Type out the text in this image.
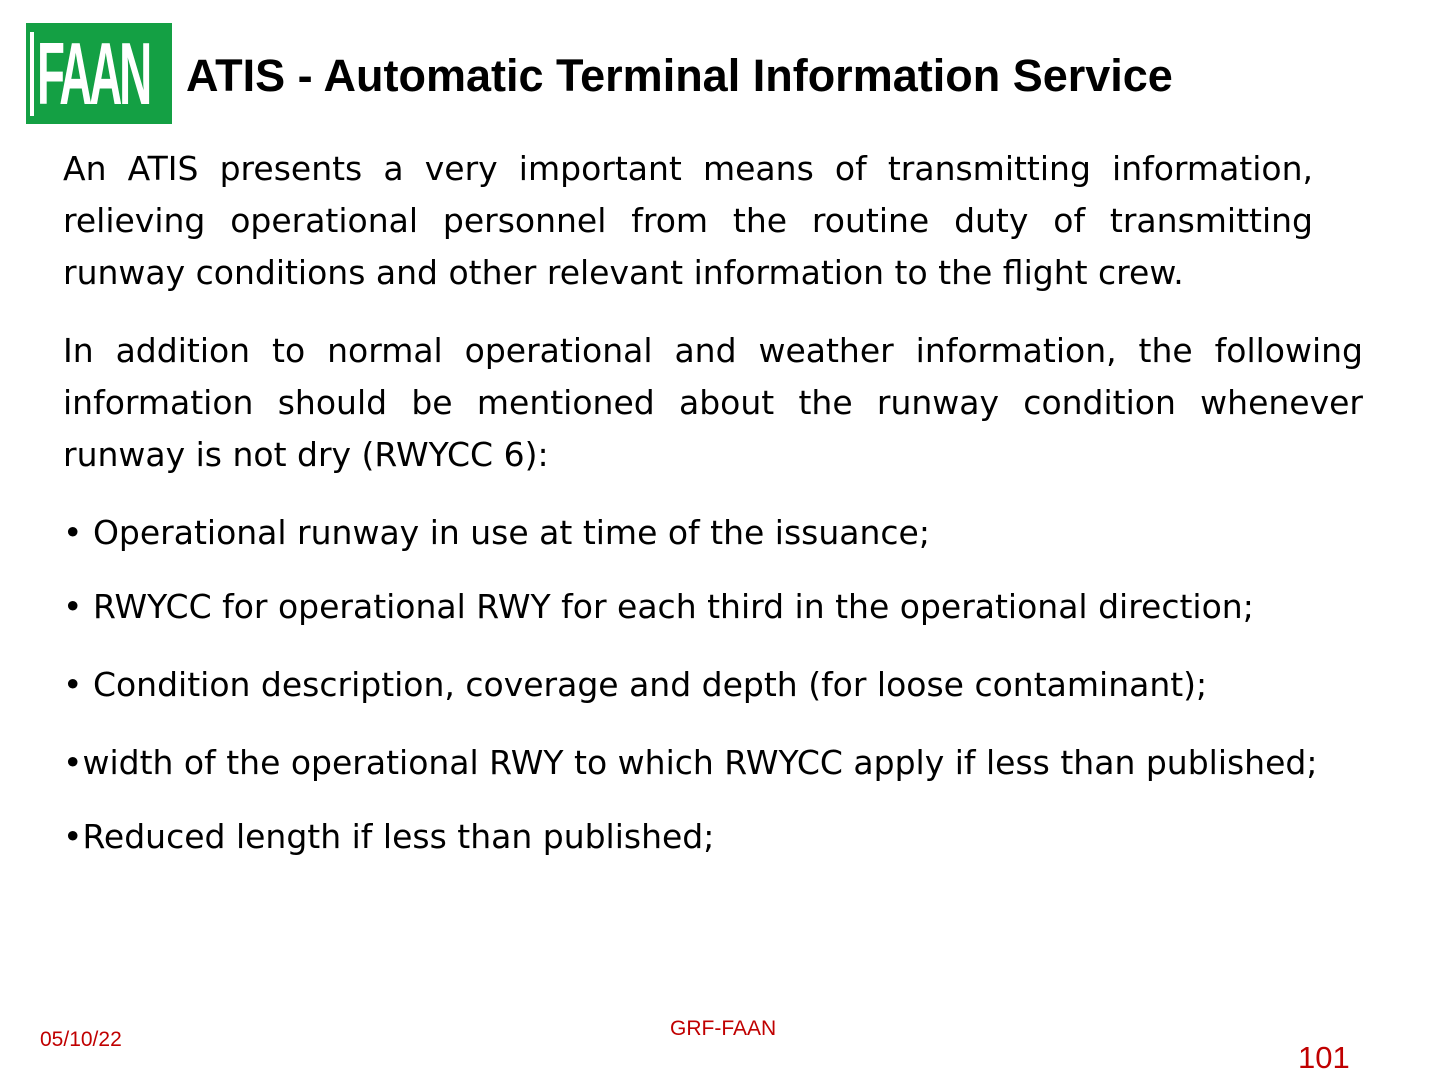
FAAN ATIS - Automatic Terminal Information Service

An ATIS presents a very important means of transmitting information, relieving operational personnel from the routine duty of transmitting runway conditions and other relevant information to the flight crew.

In addition to normal operational and weather information, the following information should be mentioned about the runway condition whenever runway is not dry (RWYCC 6):

• Operational runway in use at time of the issuance;

• RWYCC for operational RWY for each third in the operational direction;

• Condition description, coverage and depth (for loose contaminant);

•width of the operational RWY to which RWYCC apply if less than published;

•Reduced length if less than published;

05/10/22	GRF-FAAN
101
